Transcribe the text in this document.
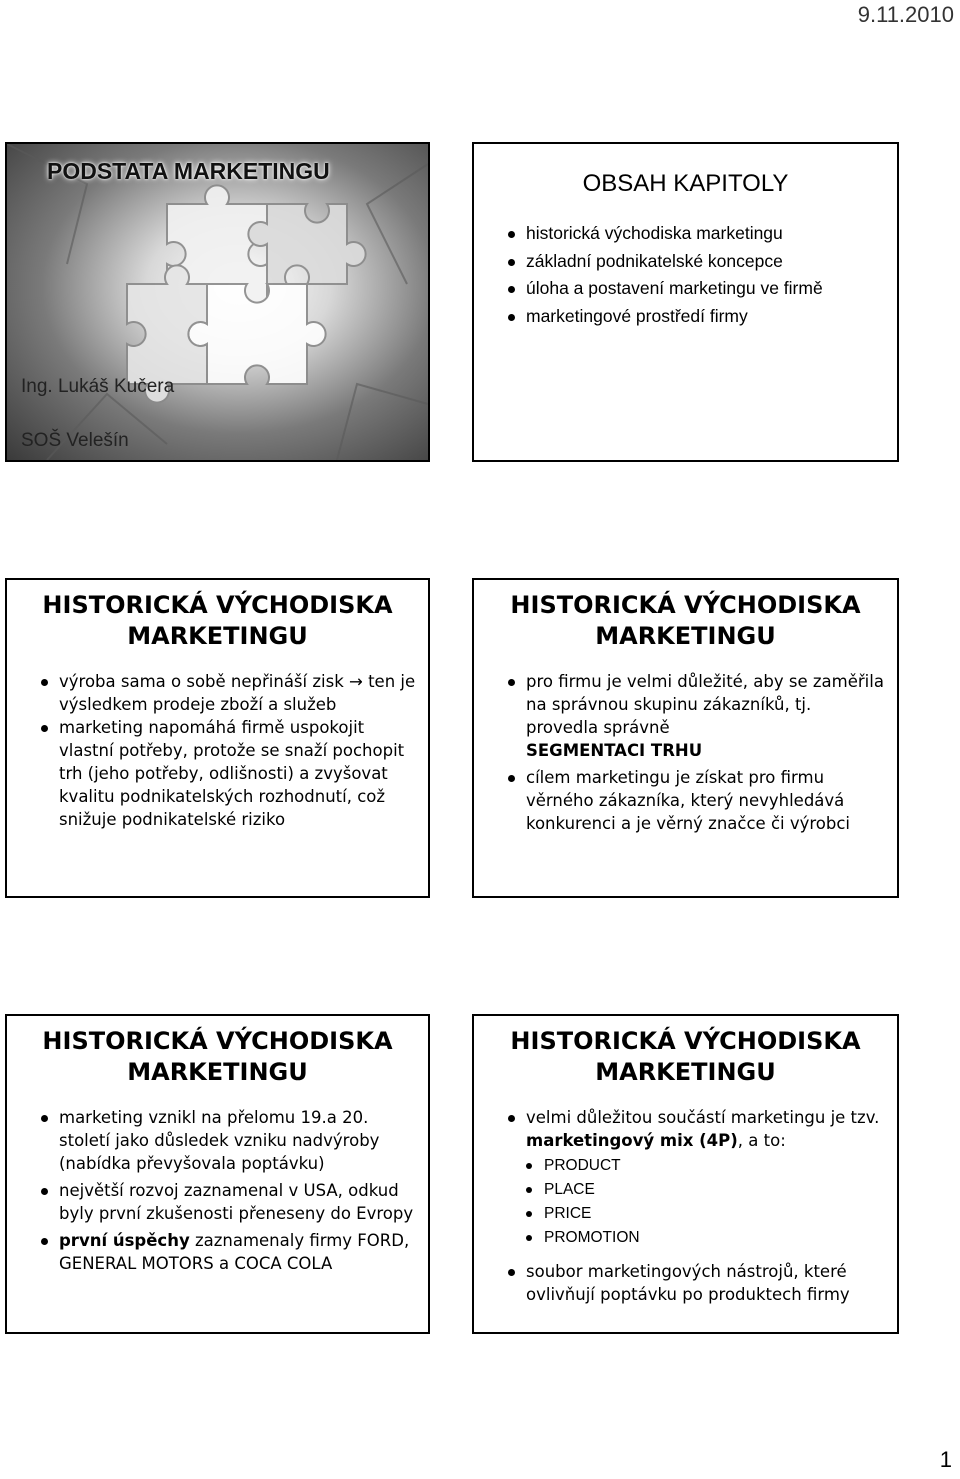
9.11.2010
PODSTATA MARKETINGU
Ing. Lukáš Kučera
SOŠ Velešín
OBSAH KAPITOLY
historická východiska marketingu
základní podnikatelské koncepce
úloha a postavení marketingu ve firmě
marketingové prostředí firmy
HISTORICKÁ VÝCHODISKA
MARKETINGU
výroba sama o sobě nepřináší zisk → ten je výsledkem prodeje zboží a služeb
marketing napomáhá firmě uspokojit vlastní potřeby, protože se snaží pochopit trh (jeho potřeby, odlišnosti) a zvyšovat kvalitu podnikatelských rozhodnutí, což snižuje podnikatelské riziko
HISTORICKÁ VÝCHODISKA
MARKETINGU
pro firmu je velmi důležité, aby se zaměřila na správnou skupinu zákazníků, tj. provedla správně
SEGMENTACI TRHU
cílem marketingu je získat pro firmu věrného zákazníka, který nevyhledává konkurenci a je věrný značce či výrobci
HISTORICKÁ VÝCHODISKA
MARKETINGU
marketing vznikl na přelomu 19.a 20. století jako důsledek vzniku nadvýroby (nabídka převyšovala poptávku)
největší rozvoj zaznamenal v USA, odkud byly první zkušenosti přeneseny do Evropy
první úspěchy zaznamenaly firmy FORD, GENERAL MOTORS a COCA COLA
HISTORICKÁ VÝCHODISKA
MARKETINGU
velmi důležitou součástí marketingu je tzv. marketingový mix (4P), a to:
PRODUCT
PLACE
PRICE
PROMOTION
soubor marketingových nástrojů, které ovlivňují poptávku po produktech firmy
1
